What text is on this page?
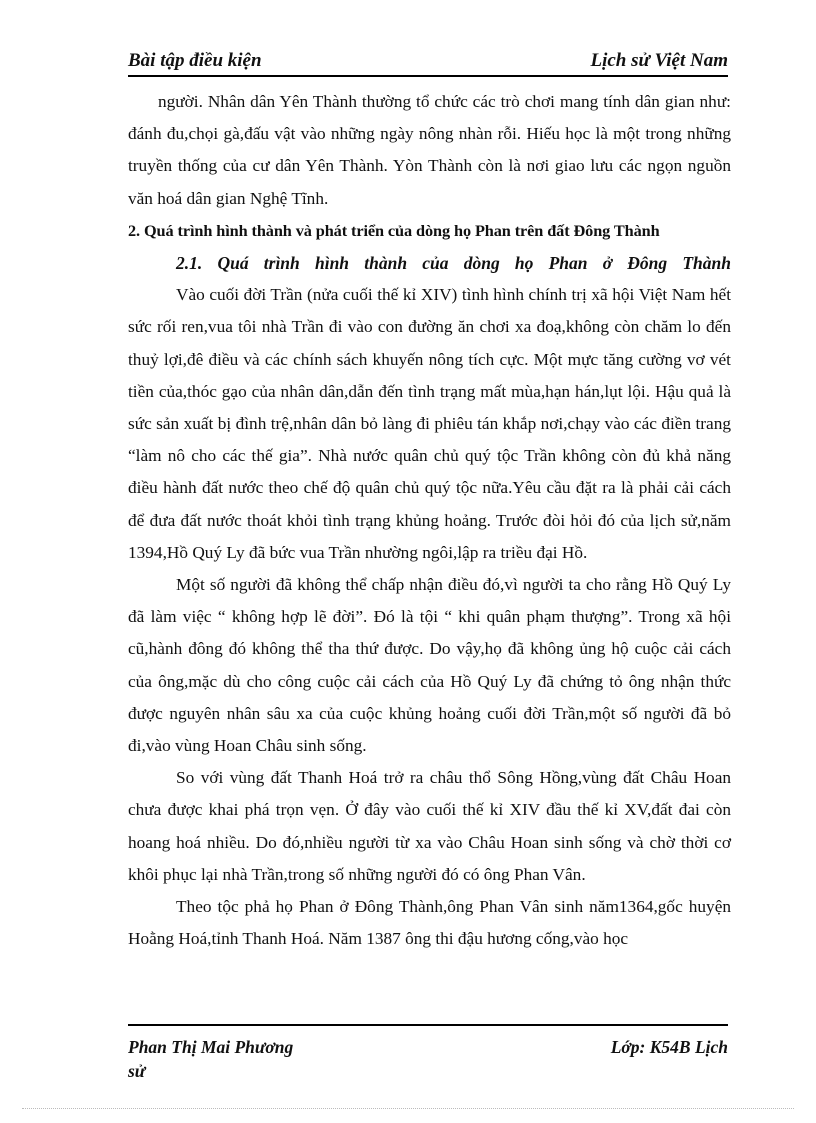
Bài tập điều kiện	Lịch sử Việt Nam

người. Nhân dân Yên Thành thường tổ chức các trò chơi mang tính dân gian như: đánh đu,chọi gà,đấu vật vào những ngày nông nhàn rỗi. Hiếu học là một trong những truyền thống của cư dân Yên Thành. Yòn Thành còn là nơi giao lưu các ngọn nguồn văn hoá dân gian Nghệ Tĩnh.

2. Quá trình hình thành và phát triển của dòng họ Phan trên đất Đông Thành

2.1. Quá trình hình thành của dòng họ Phan ở Đông Thành

Vào cuối đời Trần (nửa cuối thế kỉ XIV) tình hình chính trị xã hội Việt Nam hết sức rối ren,vua tôi nhà Trần đi vào con đường ăn chơi xa đoạ,không còn chăm lo đến thuỷ lợi,đê điều và các chính sách khuyến nông tích cực. Một mực tăng cường vơ vét tiền của,thóc gạo của nhân dân,dẫn đến tình trạng mất mùa,hạn hán,lụt lội. Hậu quả là sức sản xuất bị đình trệ,nhân dân bỏ làng đi phiêu tán khắp nơi,chạy vào các điền trang “làm nô cho các thế gia”. Nhà nước quân chủ quý tộc Trần không còn đủ khả năng điều hành đất nước theo chế độ quân chủ quý tộc nữa.Yêu cầu đặt ra là phải cải cách để đưa đất nước thoát khỏi tình trạng khủng hoảng. Trước đòi hỏi đó của lịch sử,năm 1394,Hồ Quý Ly đã bức vua Trần nhường ngôi,lập ra triều đại Hồ.

Một số người đã không thể chấp nhận điều đó,vì người ta cho rằng Hồ Quý Ly đã làm việc “ không hợp lẽ đời”. Đó là tội “ khi quân phạm thượng”. Trong xã hội cũ,hành đông đó không thể tha thứ được. Do vậy,họ đã không ủng hộ cuộc cải cách của ông,mặc dù cho công cuộc cải cách của Hồ Quý Ly đã chứng tỏ ông nhận thức được nguyên nhân sâu xa của cuộc khủng hoảng cuối đời Trần,một số người đã bỏ đi,vào vùng Hoan Châu sinh sống.

So với vùng đất Thanh Hoá trở ra châu thổ Sông Hồng,vùng đất Châu Hoan chưa được khai phá trọn vẹn. Ở đây vào cuối thế kỉ XIV đầu thế kỉ XV,đất đai còn hoang hoá nhiều. Do đó,nhiều người từ xa vào Châu Hoan sinh sống và chờ thời cơ khôi phục lại nhà Trần,trong số những người đó có ông Phan Vân.

Theo tộc phả họ Phan ở Đông Thành,ông Phan Vân sinh năm1364,gốc huyện Hoằng Hoá,tỉnh Thanh Hoá. Năm 1387 ông thi đậu hương cống,vào học

Phan Thị Mai Phương	Lớp: K54B Lịch
sử
